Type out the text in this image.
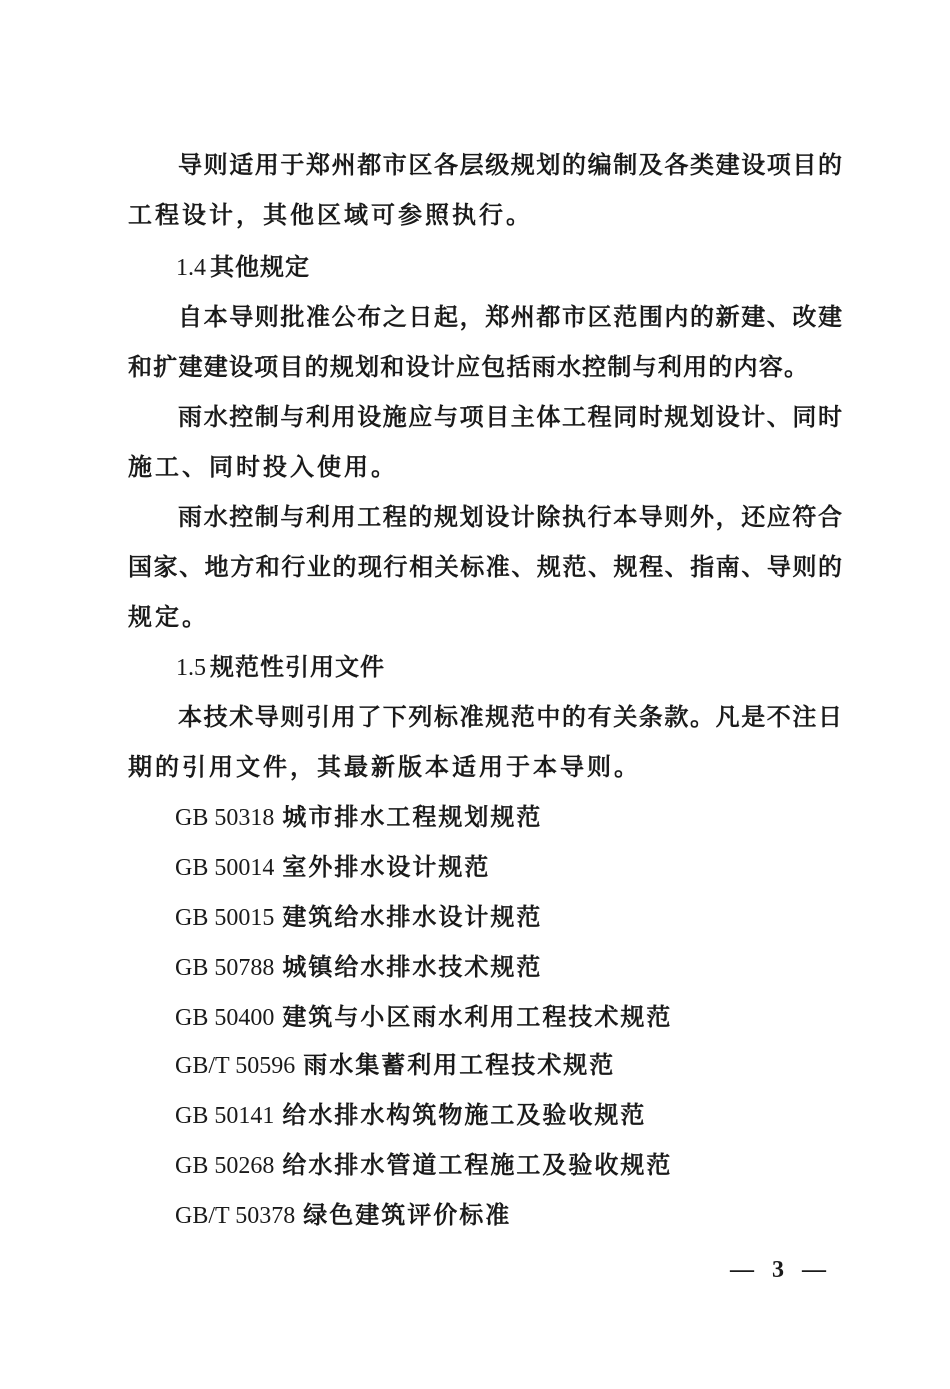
导则适用于郑州都市区各层级规划的编制及各类建设项目的
工程设计，其他区域可参照执行。
1.4 其他规定
自本导则批准公布之日起，郑州都市区范围内的新建、改建
和扩建建设项目的规划和设计应包括雨水控制与利用的内容。
雨水控制与利用设施应与项目主体工程同时规划设计、同时
施工、同时投入使用。
雨水控制与利用工程的规划设计除执行本导则外，还应符合
国家、地方和行业的现行相关标准、规范、规程、指南、导则的
规定。
1.5 规范性引用文件
本技术导则引用了下列标准规范中的有关条款。凡是不注日
期的引用文件，其最新版本适用于本导则。
GB 50318 城市排水工程规划规范
GB 50014 室外排水设计规范
GB 50015 建筑给水排水设计规范
GB 50788 城镇给水排水技术规范
GB 50400 建筑与小区雨水利用工程技术规范
GB/T 50596 雨水集蓄利用工程技术规范
GB 50141 给水排水构筑物施工及验收规范
GB 50268 给水排水管道工程施工及验收规范
GB/T 50378 绿色建筑评价标准
— 3 —
